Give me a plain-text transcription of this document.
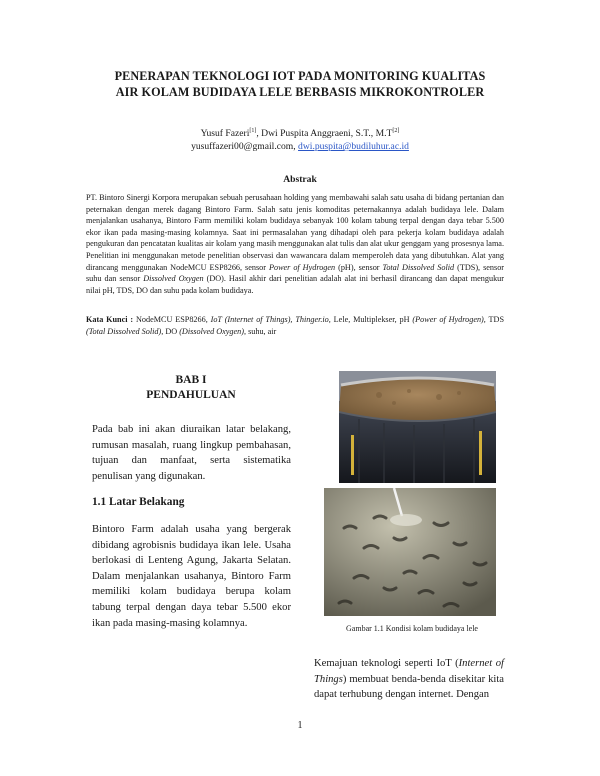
PENERAPAN TEKNOLOGI IOT PADA MONITORING KUALITAS
AIR KOLAM BUDIDAYA LELE BERBASIS MIKROKONTROLER
Yusuf Fazeri[1], Dwi Puspita Anggraeni, S.T., M.T[2]
yusuffazeri00@gmail.com, dwi.puspita@budiluhur.ac.id
Abstrak
PT. Bintoro Sinergi Korpora merupakan sebuah perusahaan holding yang membawahi salah satu usaha di bidang pertanian dan peternakan dengan merek dagang Bintoro Farm. Salah satu jenis komoditas peternakannya adalah budidaya lele. Dalam menjalankan usahanya, Bintoro Farm memiliki kolam budidaya sebanyak 100 kolam tabung terpal dengan daya tebar 5.500 ekor ikan pada masing-masing kolamnya. Saat ini permasalahan yang dihadapi oleh para pekerja kolam budidaya adalah pengukuran dan pencatatan kualitas air kolam yang masih menggunakan alat tulis dan alat ukur genggam yang prosesnya lama. Penelitian ini menggunakan metode penelitian observasi dan wawancara dalam memperoleh data yang dibutuhkan. Alat yang dirancang menggunakan NodeMCU ESP8266, sensor Power of Hydrogen (pH), sensor Total Dissolved Solid (TDS), sensor suhu dan sensor Dissolved Oxygen (DO). Hasil akhir dari penelitian adalah alat ini berhasil dirancang dan dapat mengukur nilai pH, TDS, DO dan suhu pada kolam budidaya.
Kata Kunci : NodeMCU ESP8266, IoT (Internet of Things), Thinger.io, Lele, Multiplekser, pH (Power of Hydrogen), TDS (Total Dissolved Solid), DO (Dissolved Oxygen), suhu, air
BAB I
PENDAHULUAN
Pada bab ini akan diuraikan latar belakang, rumusan masalah, ruang lingkup pembahasan, tujuan dan manfaat, serta sistematika penulisan yang digunakan.
1.1 Latar Belakang
Bintoro Farm adalah usaha yang bergerak dibidang agrobisnis budidaya ikan lele. Usaha berlokasi di Lenteng Agung, Jakarta Selatan. Dalam menjalankan usahanya, Bintoro Farm memiliki kolam budidaya berupa kolam tabung terpal dengan daya tebar 5.500 ekor ikan pada masing-masing kolamnya.	Gambar 1.1 Kondisi kolam budidaya lele
Kemajuan teknologi seperti IoT (Internet of Things) membuat benda-benda disekitar kita dapat terhubung dengan internet. Dengan
1
